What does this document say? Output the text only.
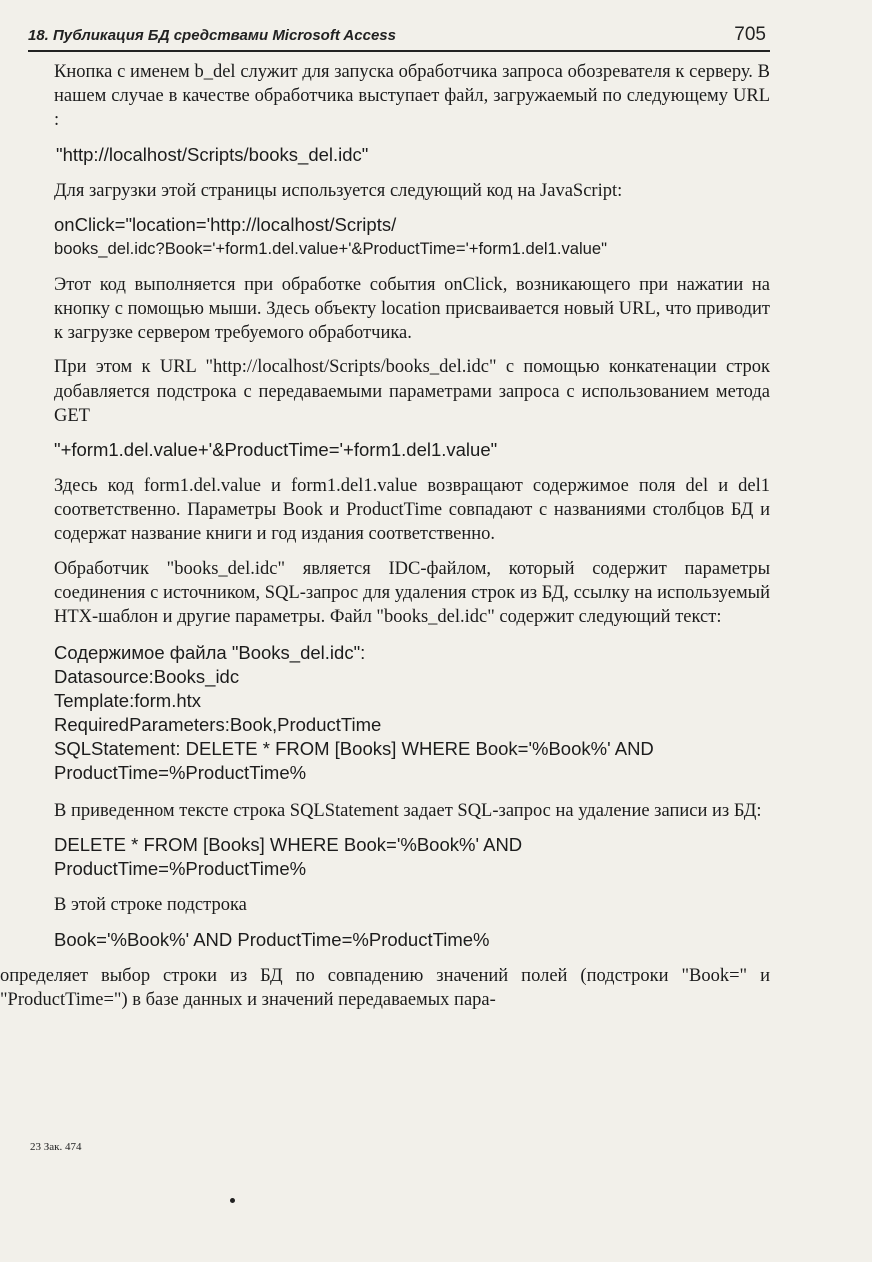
18. Публикация БД средствами Microsoft Access	705

Кнопка с именем b_del служит для запуска обработчика запроса обозревателя к серверу. В нашем случае в качестве обработчика выступает файл, загружаемый по следующему URL :

"http://localhost/Scripts/books_del.idc"

Для загрузки этой страницы используется следующий код на JavaScript:

onClick="location='http://localhost/Scripts/
books_del.idc?Book='+form1.del.value+'&ProductTime='+form1.del1.value"

Этот код выполняется при обработке события onClick, возникающего при нажатии на кнопку с помощью мыши. Здесь объекту location присваивается новый URL, что приводит к загрузке сервером требуемого обработчика.

При этом к URL "http://localhost/Scripts/books_del.idc" с помощью конкатенации строк добавляется подстрока с передаваемыми параметрами запроса с использованием метода GET

"+form1.del.value+'&ProductTime='+form1.del1.value"

Здесь код form1.del.value и form1.del1.value возвращают содержимое поля del и del1 соответственно. Параметры Book и ProductTime совпадают с названиями столбцов БД и содержат название книги и год издания соответственно.

Обработчик "books_del.idc" является IDC-файлом, который содержит параметры соединения с источником, SQL-запрос для удаления строк из БД, ссылку на используемый HTX-шаблон и другие параметры. Файл "books_del.idc" содержит следующий текст:

Содержимое файла "Books_del.idc":
Datasource:Books_idc
Template:form.htx
RequiredParameters:Book,ProductTime
SQLStatement: DELETE * FROM [Books] WHERE Book='%Book%' AND
ProductTime=%ProductTime%

В приведенном тексте строка SQLStatement задает SQL-запрос на удаление записи из БД:

DELETE * FROM [Books] WHERE Book='%Book%' AND
ProductTime=%ProductTime%

В этой строке подстрока

Book='%Book%' AND ProductTime=%ProductTime%

определяет выбор строки из БД по совпадению значений полей (подстроки "Book=" и "ProductTime=") в базе данных и значений передаваемых пара-

23 Зак. 474
